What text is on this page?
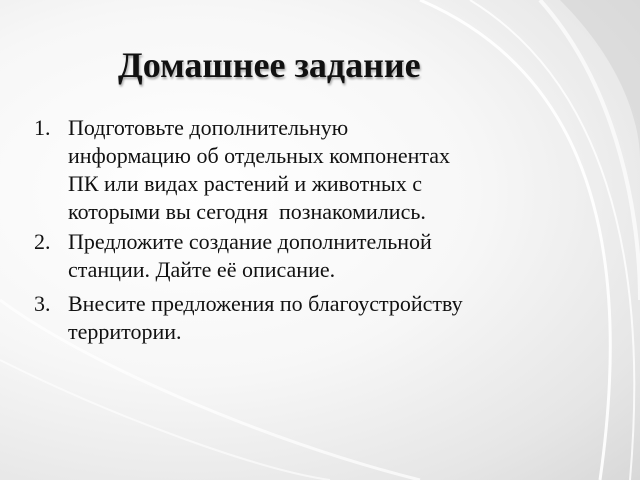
Домашнее задание
1. Подготовьте дополнительную
информацию об отдельных компонентах
ПК или видах растений и животных с
которыми вы сегодня  познакомились.
2. Предложите создание дополнительной
станции. Дайте её описание.
3. Внесите предложения по благоустройству
территории.
